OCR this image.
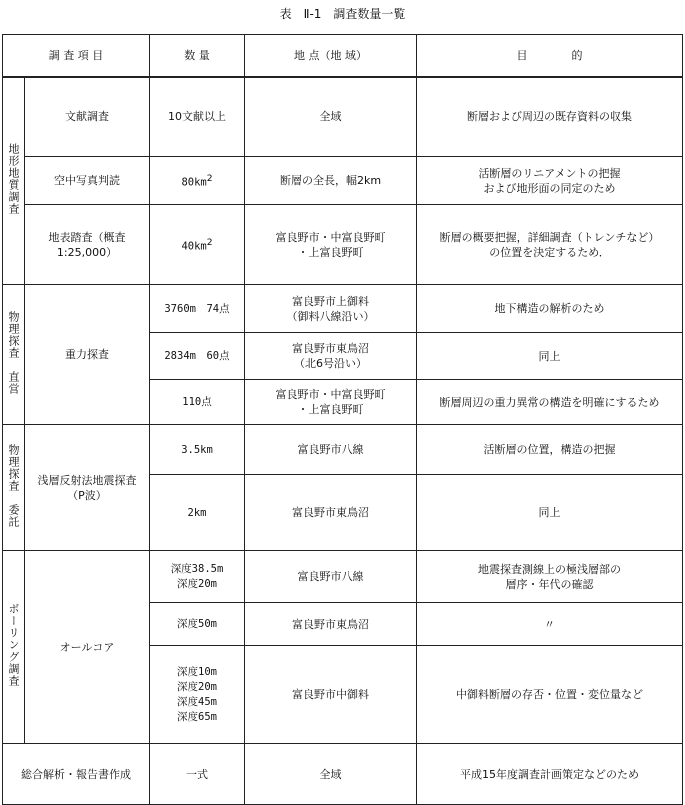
表　Ⅱ-1　調査数量一覧
調 査 項 目		数 量	地 点（地 域）	目　　　　的
地形地質調査	文献調査	10文献以上	全域	断層および周辺の既存資料の収集
	空中写真判読	$80km^2$	断層の全長，幅2km	活断層のリニアメントの把握
および地形面の同定のため

	地表踏査（概査
1:25,000）	$40km^2$	富良野市・中富良野町
・上富良野町	断層の概要把握，詳細調査（トレンチなど）
の位置を決定するため．

物理探査　直営	重力探査	3760m　74点	富良野市上御料
（御料八線沿い）	地下構造の解析のため
		2834m　60点	富良野市東鳥沼
（北6号沿い）	同上
		110点	富良野市・中富良野町
・上富良野町	断層周辺の重力異常の構造を明確にするため
物理探査　委託	浅層反射法地震探査
（P波）	3.5km	富良野市八線	活断層の位置，構造の把握
		2km	富良野市東鳥沼	同上
ボーリング調査	オールコア	深度38.5m
深度20m	富良野市八線	地震探査測線上の極浅層部の
層序・年代の確認

		深度50m	富良野市東鳥沼	〃

		深度10m
深度20m
深度45m
深度65m	富良野市中御料	中御料断層の存否・位置・変位量など
総合解析・報告書作成		一式	全域	平成15年度調査計画策定などのため
